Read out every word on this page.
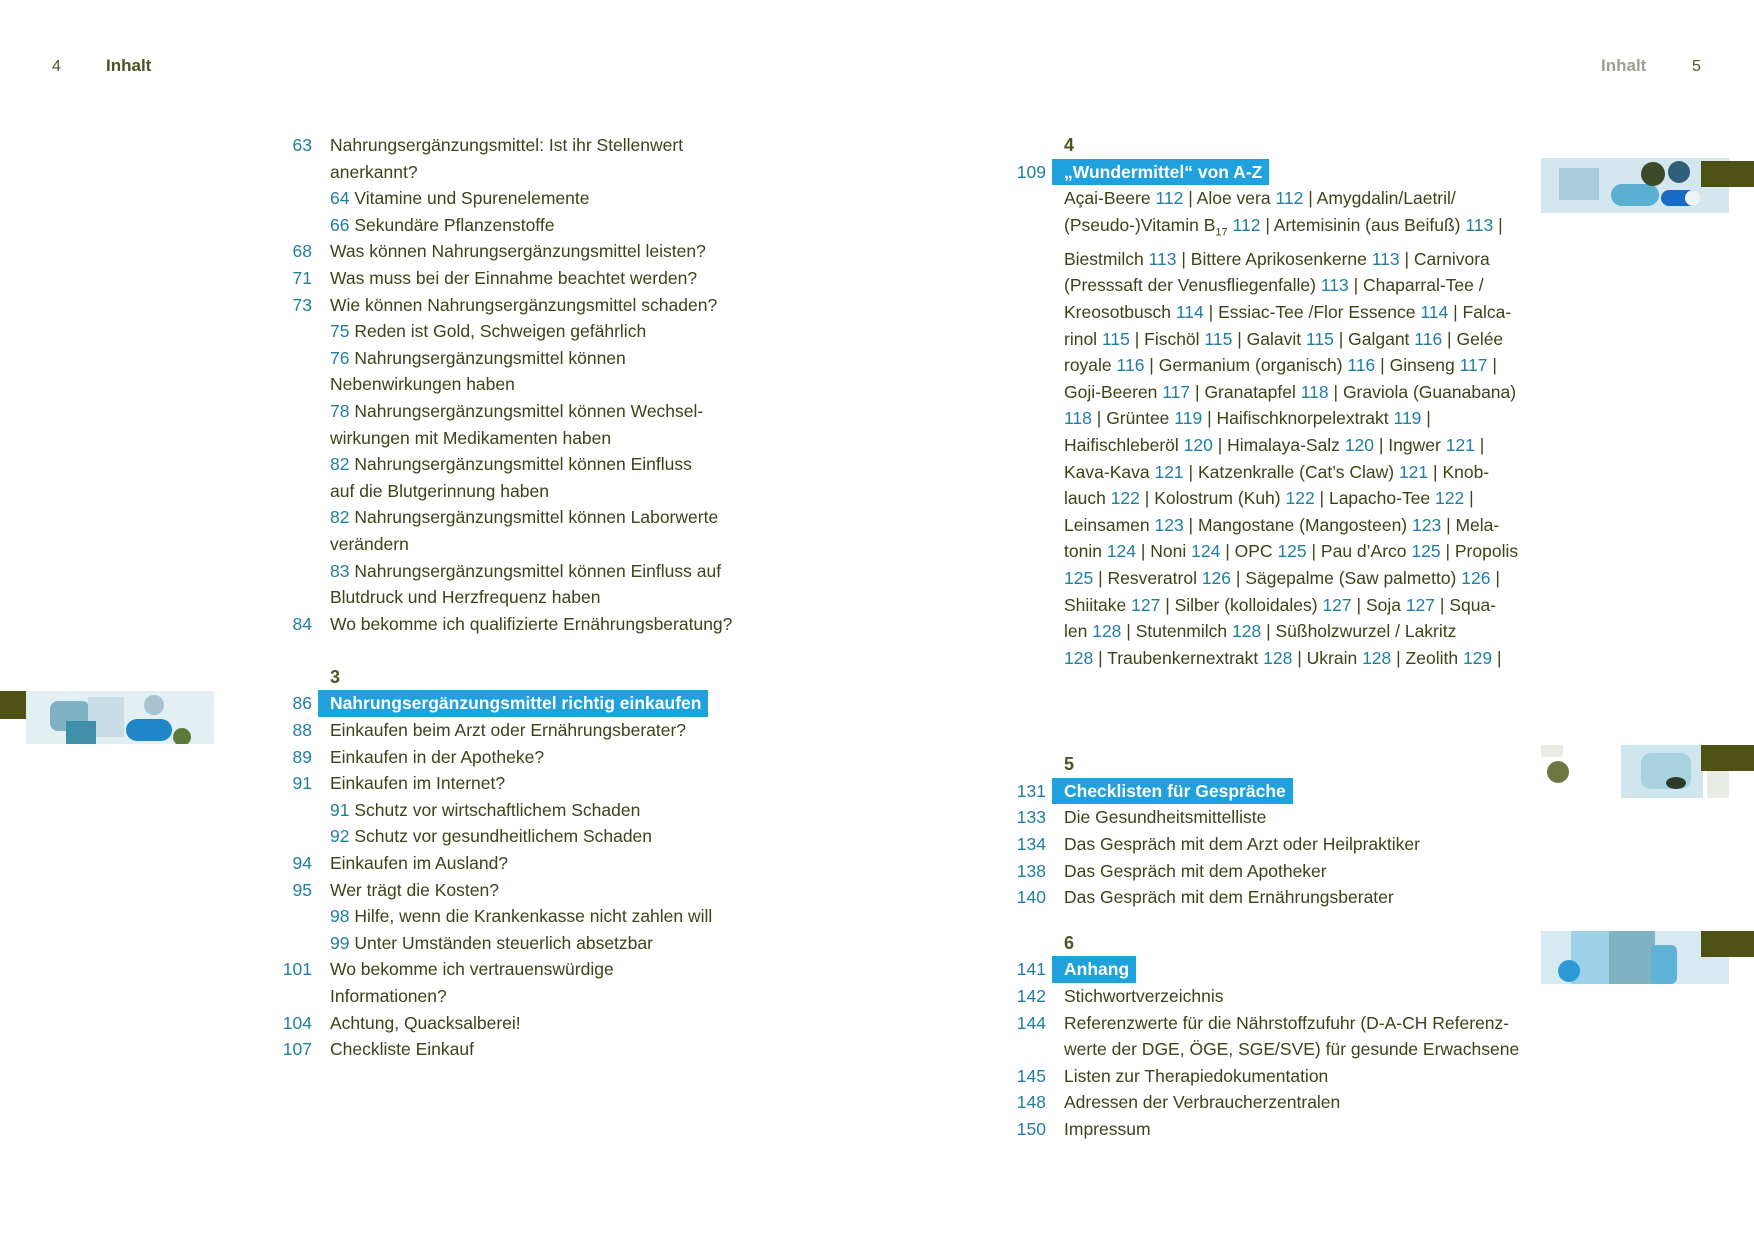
4	Inhalt	Inhalt	5
63 Nahrungsergänzungsmittel: Ist ihr Stellenwert
anerkannt?
64 Vitamine und Spurenelemente
66 Sekundäre Pflanzenstoffe
68 Was können Nahrungsergänzungsmittel leisten?
71 Was muss bei der Einnahme beachtet werden?
73 Wie können Nahrungsergänzungsmittel schaden?
75 Reden ist Gold, Schweigen gefährlich
76 Nahrungsergänzungsmittel können
Nebenwirkungen haben
78 Nahrungsergänzungsmittel können Wechsel-
wirkungen mit Medikamenten haben
82 Nahrungsergänzungsmittel können Einfluss
auf die Blutgerinnung haben
82 Nahrungsergänzungsmittel können Laborwerte
verändern
83 Nahrungsergänzungsmittel können Einfluss auf
Blutdruck und Herzfrequenz haben
84 Wo bekomme ich qualifizierte Ernährungsberatung?
3
86	Nahrungsergänzungsmittel richtig einkaufen
88 Einkaufen beim Arzt oder Ernährungsberater?
89 Einkaufen in der Apotheke?
91 Einkaufen im Internet?
91 Schutz vor wirtschaftlichem Schaden
92 Schutz vor gesundheitlichem Schaden
94 Einkaufen im Ausland?
95 Wer trägt die Kosten?
98 Hilfe, wenn die Krankenkasse nicht zahlen will
99 Unter Umständen steuerlich absetzbar
101 Wo bekomme ich vertrauenswürdige
Informationen?
104 Achtung, Quacksalberei!
107 Checkliste Einkauf
4
109	„Wundermittel“ von A-Z
Açai-Beere 112 | Aloe vera 112 | Amygdalin/Laetril/
(Pseudo-)Vitamin $B_{17}$ 112 | Artemisinin (aus Beifuß) 113 |
Biestmilch 113 | Bittere Aprikosenkerne 113 | Carnivora
(Presssaft der Venusfliegenfalle) 113 | Chaparral-Tee /
Kreosotbusch 114 | Essiac-Tee /Flor Essence 114 | Falca-
rinol 115 | Fischöl 115 | Galavit 115 | Galgant 116 | Gelée
royale 116 | Germanium (organisch) 116 | Ginseng 117 |
Goji-Beeren 117 | Granatapfel 118 | Graviola (Guanabana)
118 | Grüntee 119 | Haifischknorpelextrakt 119 |
Haifischleberöl 120 | Himalaya-Salz 120 | Ingwer 121 |
Kava-Kava 121 | Katzenkralle (Cat’s Claw) 121 | Knob-
lauch 122 | Kolostrum (Kuh) 122 | Lapacho-Tee 122 |
Leinsamen 123 | Mangostane (Mangosteen) 123 | Mela-
tonin 124 | Noni 124 | OPC 125 | Pau d’Arco 125 | Propolis
125 | Resveratrol 126 | Sägepalme (Saw palmetto) 126 |
Shiitake 127 | Silber (kolloidales) 127 | Soja 127 | Squa-
len 128 | Stutenmilch 128 | Süßholzwurzel / Lakritz
128 | Traubenkernextrakt 128 | Ukrain 128 | Zeolith 129 |
5
131	Checklisten für Gespräche
133 Die Gesundheitsmittelliste
134 Das Gespräch mit dem Arzt oder Heilpraktiker
138 Das Gespräch mit dem Apotheker
140 Das Gespräch mit dem Ernährungsberater
6
141	Anhang
142 Stichwortverzeichnis
144 Referenzwerte für die Nährstoffzufuhr (D-A-CH Referenz-
werte der DGE, ÖGE, SGE/SVE) für gesunde Erwachsene
145 Listen zur Therapiedokumentation
148 Adressen der Verbraucherzentralen
150 Impressum
